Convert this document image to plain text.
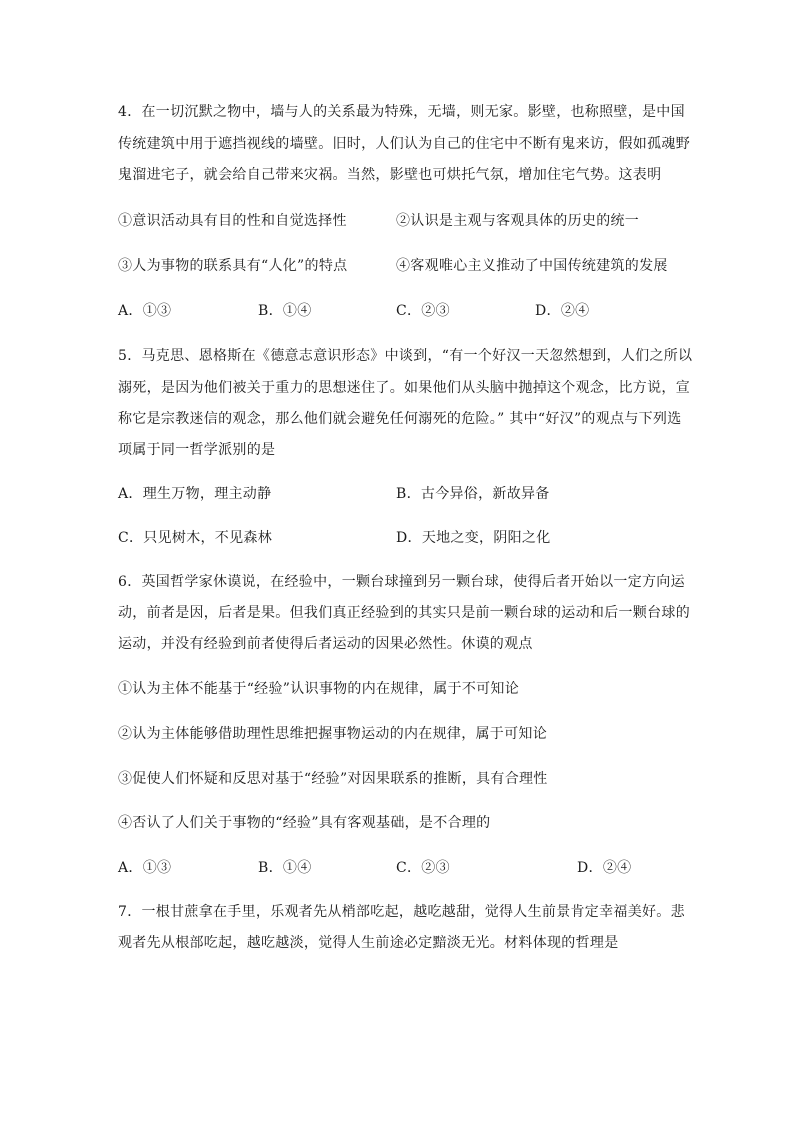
4．在一切沉默之物中，墙与人的关系最为特殊，无墙，则无家。影壁，也称照壁，是中国
传统建筑中用于遮挡视线的墙壁。旧时，人们认为自己的住宅中不断有鬼来访，假如孤魂野
鬼溜进宅子，就会给自己带来灾祸。当然，影壁也可烘托气氛，增加住宅气势。这表明
①意识活动具有目的性和自觉选择性	②认识是主观与客观具体的历史的统一
③人为事物的联系具有“人化”的特点	④客观唯心主义推动了中国传统建筑的发展
A．①③	B．①④	C．②③	D．②④
5．马克思、恩格斯在《德意志意识形态》中谈到，“有一个好汉一天忽然想到，人们之所以
溺死，是因为他们被关于重力的思想迷住了。如果他们从头脑中抛掉这个观念，比方说，宣
称它是宗教迷信的观念，那么他们就会避免任何溺死的危险。” 其中“好汉”的观点与下列选
项属于同一哲学派别的是
A．理生万物，理主动静	B．古今异俗，新故异备
C．只见树木，不见森林	D．天地之变，阴阳之化
6．英国哲学家休谟说，在经验中，一颗台球撞到另一颗台球，使得后者开始以一定方向运
动，前者是因，后者是果。但我们真正经验到的其实只是前一颗台球的运动和后一颗台球的
运动，并没有经验到前者使得后者运动的因果必然性。休谟的观点
①认为主体不能基于“经验”认识事物的内在规律，属于不可知论
②认为主体能够借助理性思维把握事物运动的内在规律，属于可知论
③促使人们怀疑和反思对基于“经验”对因果联系的推断，具有合理性
④否认了人们关于事物的“经验”具有客观基础，是不合理的
A．①③	B．①④	C．②③	D．②④
7．一根甘蔗拿在手里，乐观者先从梢部吃起，越吃越甜，觉得人生前景肯定幸福美好。悲
观者先从根部吃起，越吃越淡，觉得人生前途必定黯淡无光。材料体现的哲理是
